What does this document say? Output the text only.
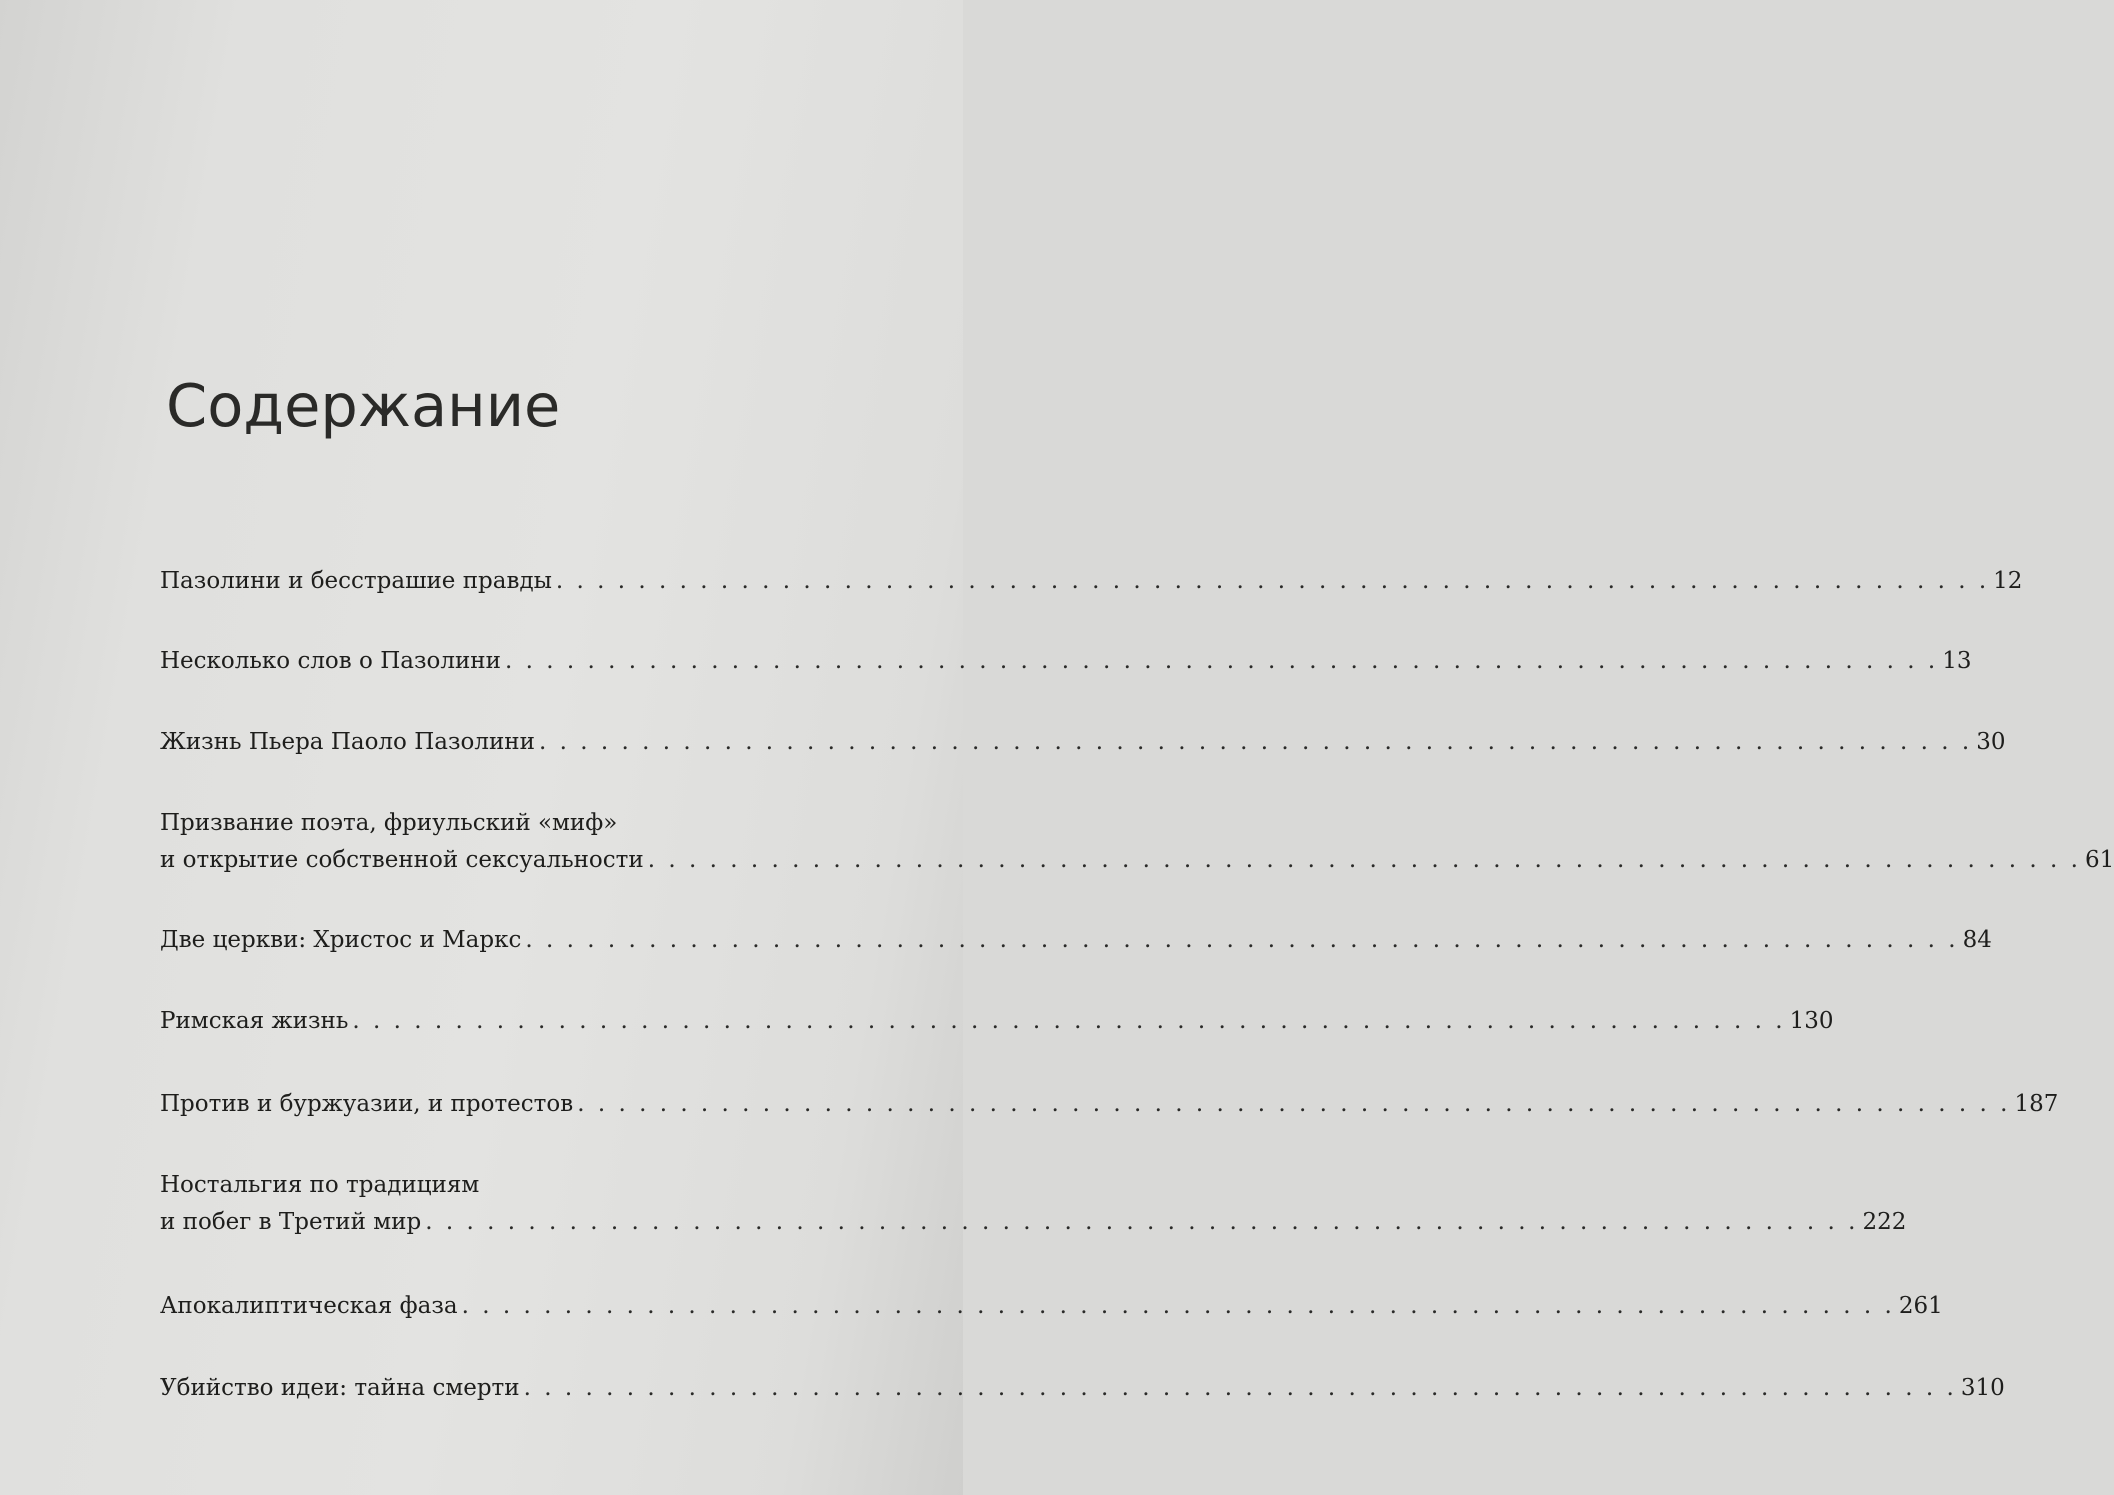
Содержание
Пазолини и бесстрашие правды . . . . . . . . . . . . . . . . . . . . . . . . . . . . . . . . . . . . . . . . . . . . . . . . . . . . . . . . . . . . . . . . . . . . . . 12
Несколько слов о Пазолини . . . . . . . . . . . . . . . . . . . . . . . . . . . . . . . . . . . . . . . . . . . . . . . . . . . . . . . . . . . . . . . . . . . . . . 13
Жизнь Пьера Паоло Пазолини . . . . . . . . . . . . . . . . . . . . . . . . . . . . . . . . . . . . . . . . . . . . . . . . . . . . . . . . . . . . . . . . . . . . . . 30
Призвание поэта, фриульский «миф»
и открытие собственной сексуальности . . . . . . . . . . . . . . . . . . . . . . . . . . . . . . . . . . . . . . . . . . . . . . . . . . . . . . . . . . . . . . . . . . . . . . 61
Две церкви: Христос и Маркс . . . . . . . . . . . . . . . . . . . . . . . . . . . . . . . . . . . . . . . . . . . . . . . . . . . . . . . . . . . . . . . . . . . . . . 84
Римская жизнь . . . . . . . . . . . . . . . . . . . . . . . . . . . . . . . . . . . . . . . . . . . . . . . . . . . . . . . . . . . . . . . . . . . . . . 130
Против и буржуазии, и протестов . . . . . . . . . . . . . . . . . . . . . . . . . . . . . . . . . . . . . . . . . . . . . . . . . . . . . . . . . . . . . . . . . . . . . . 187
Ностальгия по традициям
и побег в Третий мир . . . . . . . . . . . . . . . . . . . . . . . . . . . . . . . . . . . . . . . . . . . . . . . . . . . . . . . . . . . . . . . . . . . . . . 222
Апокалиптическая фаза . . . . . . . . . . . . . . . . . . . . . . . . . . . . . . . . . . . . . . . . . . . . . . . . . . . . . . . . . . . . . . . . . . . . . . 261
Убийство идеи: тайна смерти . . . . . . . . . . . . . . . . . . . . . . . . . . . . . . . . . . . . . . . . . . . . . . . . . . . . . . . . . . . . . . . . . . . . . . 310
